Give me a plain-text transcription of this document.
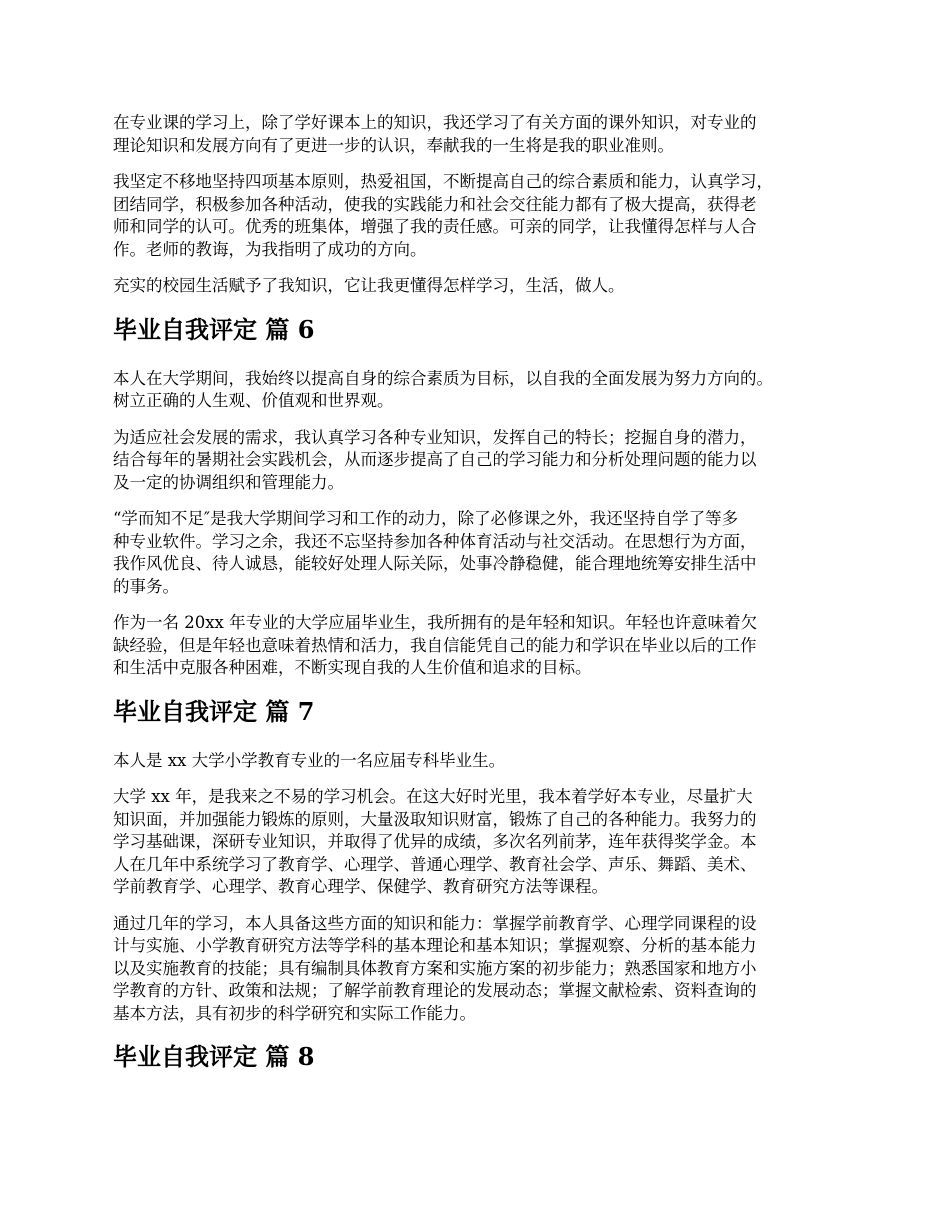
在专业课的学习上，除了学好课本上的知识，我还学习了有关方面的课外知识，对专业的
理论知识和发展方向有了更进一步的认识，奉献我的一生将是我的职业准则。

我坚定不移地坚持四项基本原则，热爱祖国，不断提高自己的综合素质和能力，认真学习，
团结同学，积极参加各种活动，使我的实践能力和社会交往能力都有了极大提高，获得老
师和同学的认可。优秀的班集体，增强了我的责任感。可亲的同学，让我懂得怎样与人合
作。老师的教诲，为我指明了成功的方向。

充实的校园生活赋予了我知识，它让我更懂得怎样学习，生活，做人。

毕业自我评定 篇 6

本人在大学期间，我始终以提高自身的综合素质为目标，以自我的全面发展为努力方向的。
树立正确的人生观、价值观和世界观。

为适应社会发展的需求，我认真学习各种专业知识，发挥自己的特长；挖掘自身的潜力，
结合每年的暑期社会实践机会，从而逐步提高了自己的学习能力和分析处理问题的能力以
及一定的协调组织和管理能力。

“学而知不足″是我大学期间学习和工作的动力，除了必修课之外，我还坚持自学了等多
种专业软件。学习之余，我还不忘坚持参加各种体育活动与社交活动。在思想行为方面，
我作风优良、待人诚恳，能较好处理人际关际，处事冷静稳健，能合理地统筹安排生活中
的事务。

作为一名 20xx 年专业的大学应届毕业生，我所拥有的是年轻和知识。年轻也许意味着欠
缺经验，但是年轻也意味着热情和活力，我自信能凭自己的能力和学识在毕业以后的工作
和生活中克服各种困难，不断实现自我的人生价值和追求的目标。

毕业自我评定 篇 7

本人是 xx 大学小学教育专业的一名应届专科毕业生。

大学 xx 年，是我来之不易的学习机会。在这大好时光里，我本着学好本专业，尽量扩大
知识面，并加强能力锻炼的原则，大量汲取知识财富，锻炼了自己的各种能力。我努力的
学习基础课，深研专业知识，并取得了优异的成绩，多次名列前茅，连年获得奖学金。本
人在几年中系统学习了教育学、心理学、普通心理学、教育社会学、声乐、舞蹈、美术、
学前教育学、心理学、教育心理学、保健学、教育研究方法等课程。

通过几年的学习，本人具备这些方面的知识和能力：掌握学前教育学、心理学同课程的设
计与实施、小学教育研究方法等学科的基本理论和基本知识；掌握观察、分析的基本能力
以及实施教育的技能；具有编制具体教育方案和实施方案的初步能力；熟悉国家和地方小
学教育的方针、政策和法规；了解学前教育理论的发展动态；掌握文献检索、资料查询的
基本方法，具有初步的科学研究和实际工作能力。

毕业自我评定 篇 8
